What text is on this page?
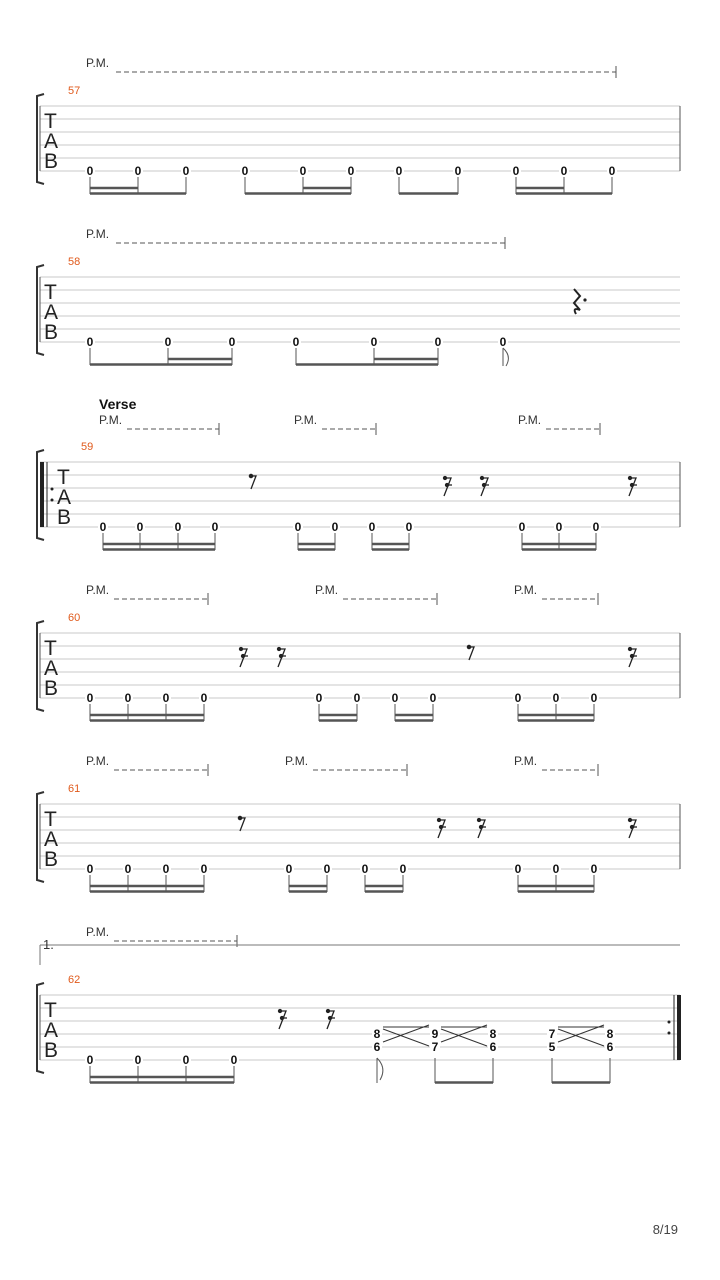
P.M.
57
T
A
B 0	0	0	0	0	0	0	0	0	0	0
P.M.
58
T
A
B 0	0	0	0	0	0	0
Verse
P.M.	P.M.	P.M.
59
T
A
B 0	0	0	0	0	0	0	0	0	0	0
P.M.	P.M.	P.M.
60
T
A
B 0	0	0	0	0	0	0	0	0	0	0
P.M.	P.M.	P.M.
61
T
A
B 0	0	0	0	0	0	0	0	0	0	0
P.M.
1.
62
T
A
B 0	0	0	0
8
6
9
7
8
6
7
5
8
6
8/19
